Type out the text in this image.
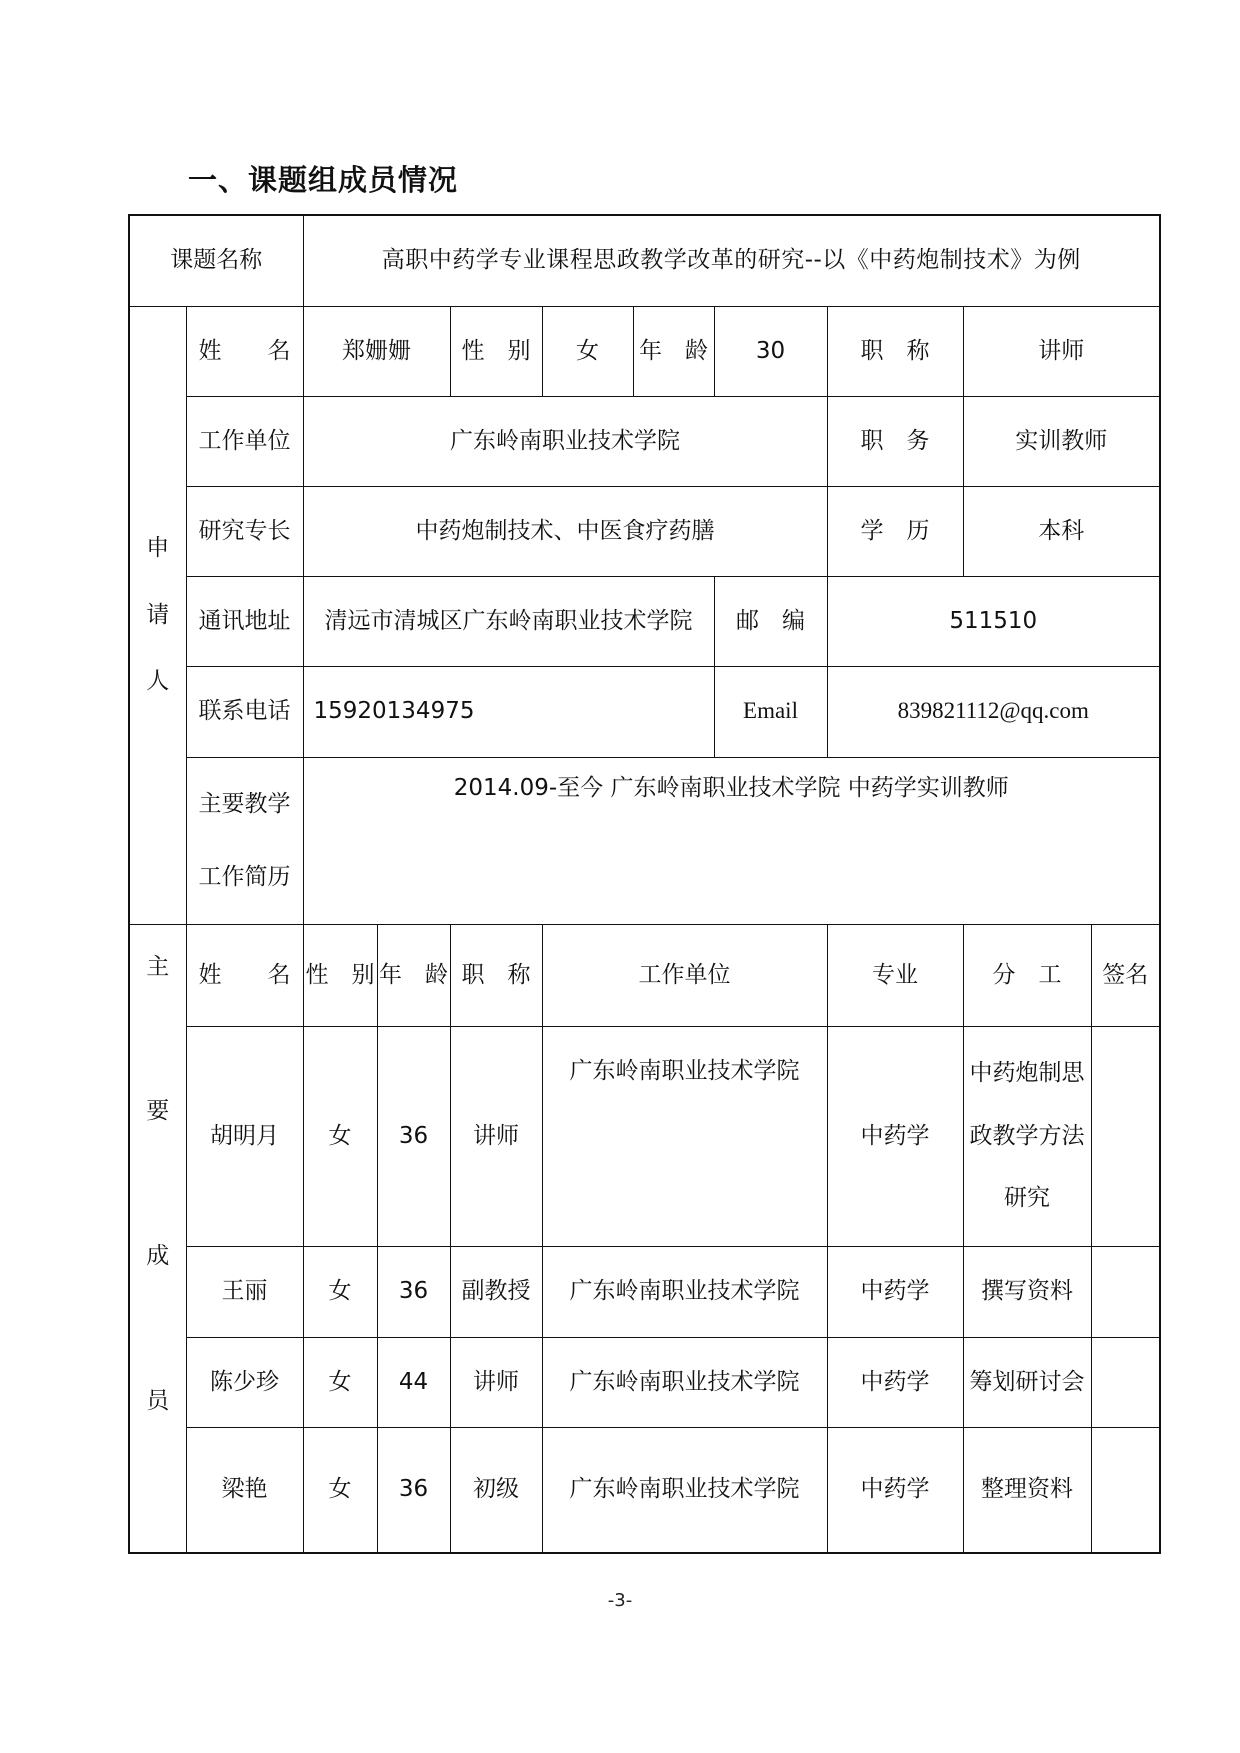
一、课题组成员情况
课题名称		高职中药学专业课程思政教学改革的研究--以《中药炮制技术》为例								

申
请
人	姓　　名	郑姗姗		性　别	女	年　龄	30	职　称	讲师	
	工作单位	广东岭南职业技术学院						职　务	实训教师	
	研究专长	中药炮制技术、中医食疗药膳						学　历	本科	
	通讯地址	清远市清城区广东岭南职业技术学院					邮　编	511510		
	联系电话	15920134975					Email	839821112@qq.com		

	主要教学
工作简历	2014.09-至今 广东岭南职业技术学院 中药学实训教师								

主
要
成
员	姓　　名	性　别	年　龄	职　称	工作单位			专业	分　工	签名
	胡明月	女	36	讲师	广东岭南职业技术学院			中药学	中药炮制思
政教学方法
研究	

	王丽	女	36	副教授	广东岭南职业技术学院			中药学	撰写资料	
	陈少珍	女	44	讲师	广东岭南职业技术学院			中药学	筹划研讨会	
	梁艳	女	36	初级	广东岭南职业技术学院			中药学	整理资料	
-3-
